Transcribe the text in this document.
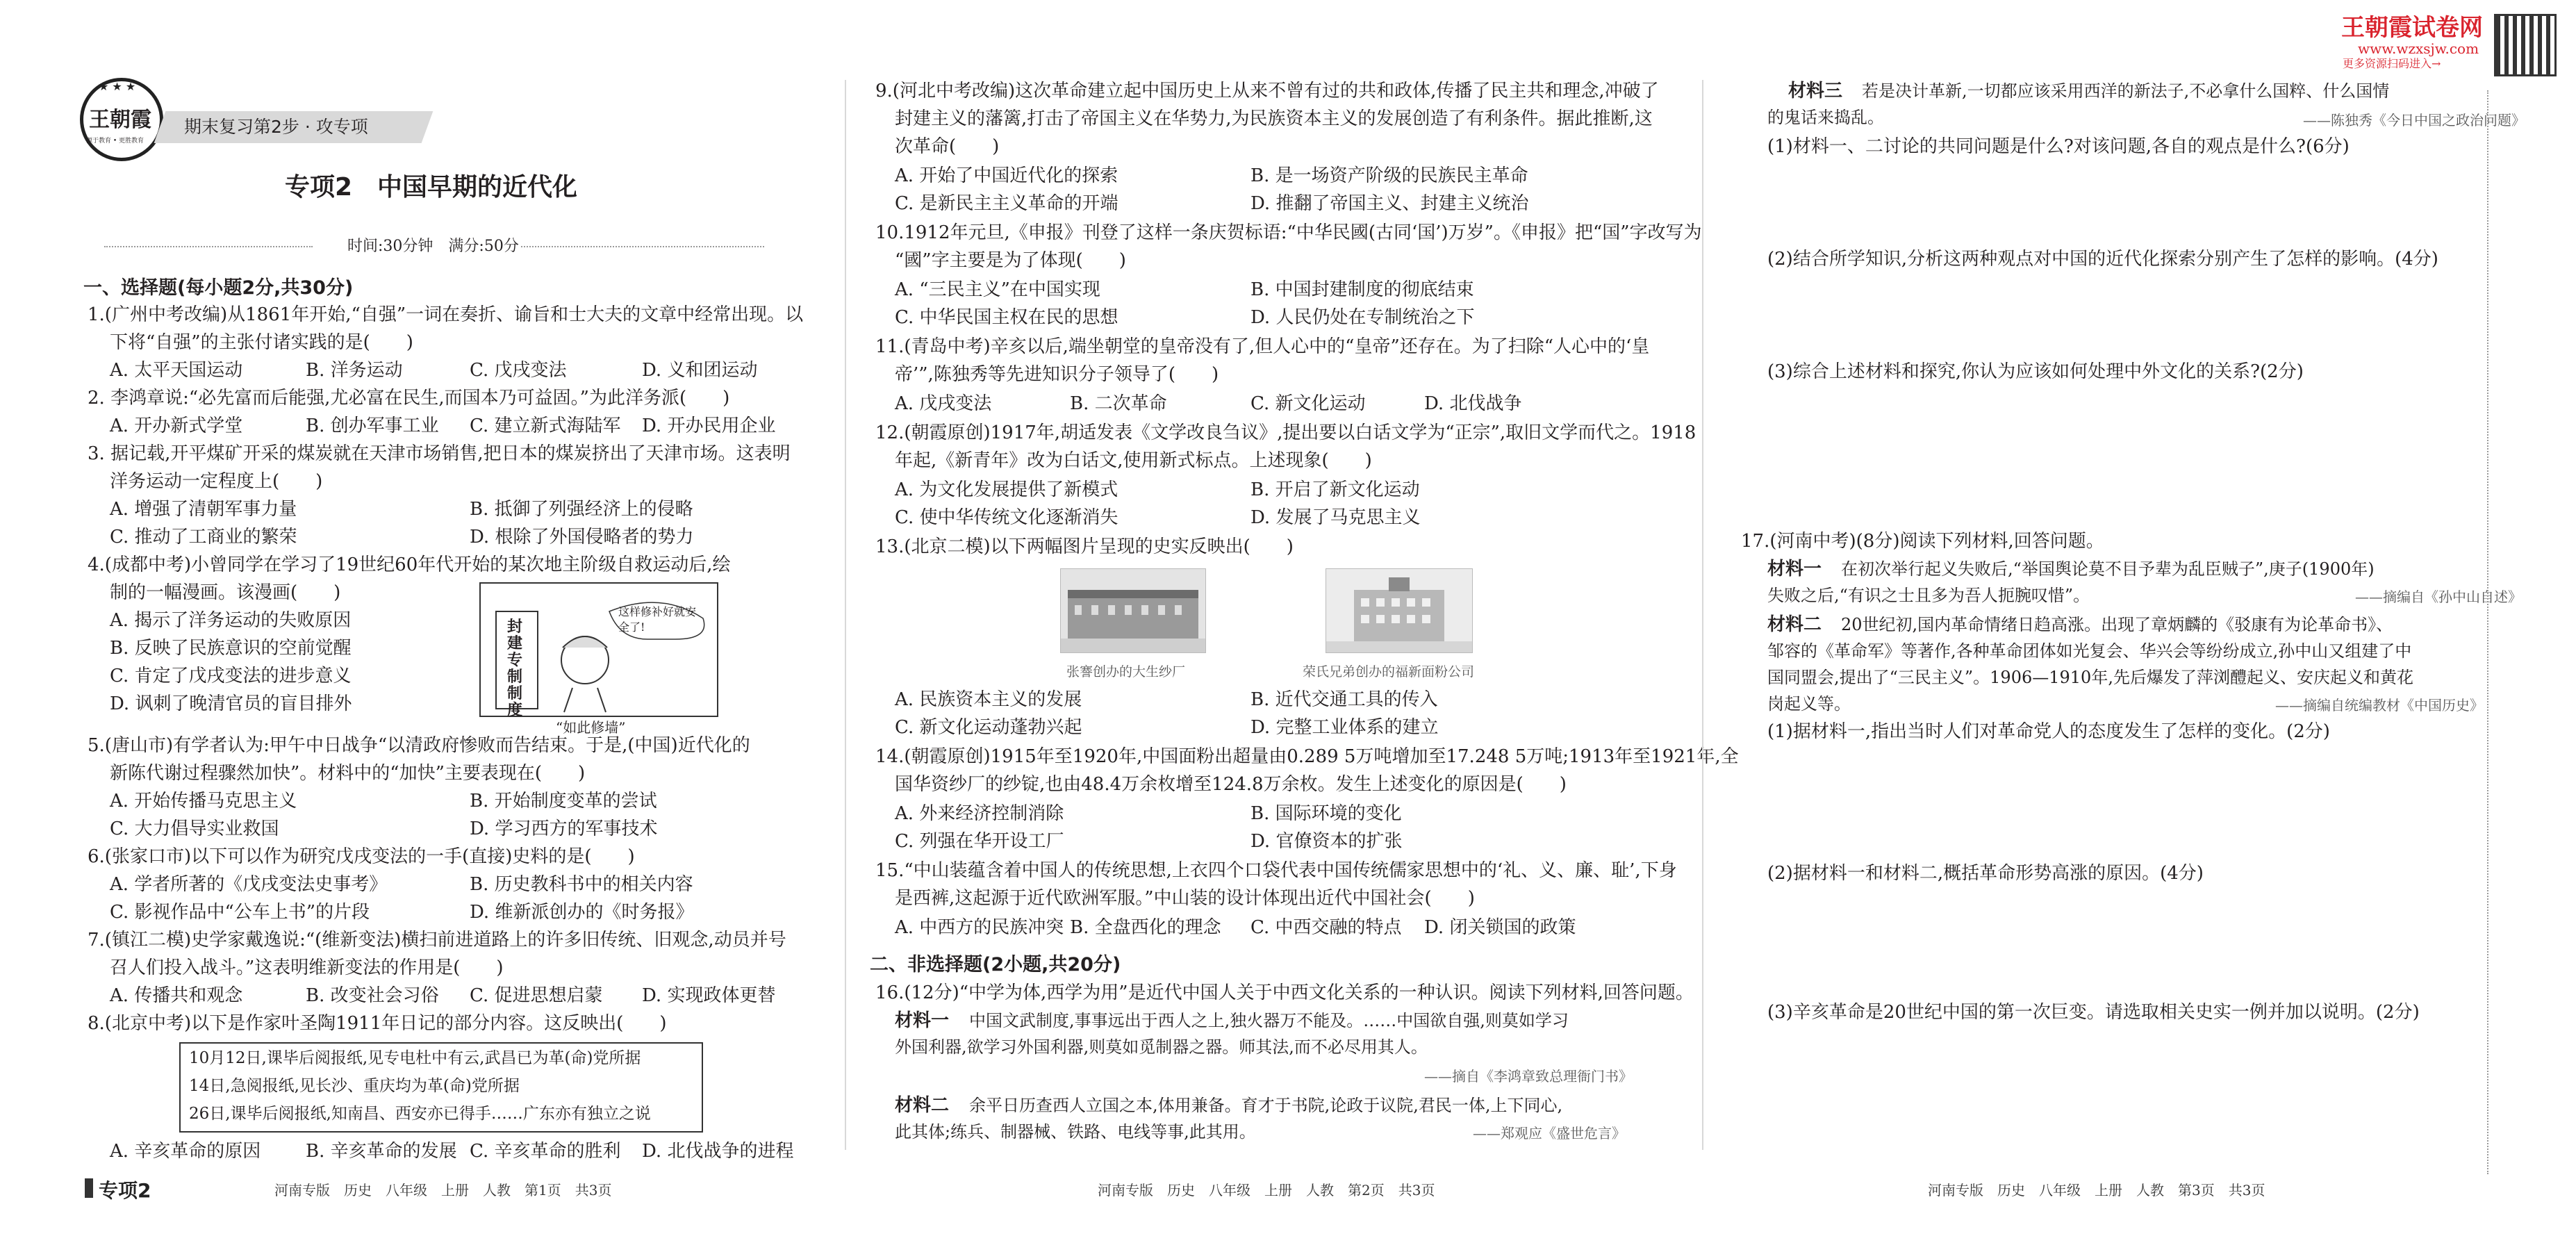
★ ★ ★
王朝霞
源于教育 • 更胜教育
期末复习第2步 · 攻专项
专项2　中国早期的近代化
时间:30分钟　满分:50分
一、选择题(每小题2分,共30分)
1.(广州中考改编)从1861年开始,“自强”一词在奏折、谕旨和士大夫的文章中经常出现。以
下将“自强”的主张付诸实践的是(　　)
A. 太平天国运动	B. 洋务运动	C. 戊戌变法	D. 义和团运动
2. 李鸿章说:“必先富而后能强,尤必富在民生,而国本乃可益固。”为此洋务派(　　)
A. 开办新式学堂	B. 创办军事工业 C. 建立新式海陆军 D. 开办民用企业
3. 据记载,开平煤矿开采的煤炭就在天津市场销售,把日本的煤炭挤出了天津市场。这表明
洋务运动一定程度上(　　)
A. 增强了清朝军事力量	B. 抵御了列强经济上的侵略
C. 推动了工商业的繁荣	D. 根除了外国侵略者的势力
4.(成都中考)小曾同学在学习了19世纪60年代开始的某次地主阶级自救运动后,绘
制的一幅漫画。该漫画(　　)
A. 揭示了洋务运动的失败原因
B. 反映了民族意识的空前觉醒
C. 肯定了戊戌变法的进步意义
D. 讽刺了晚清官员的盲目排外
这样修补好就安全了!
封建专制制度
“如此修墙”
5.(唐山市)有学者认为:甲午中日战争“以清政府惨败而告结束。于是,(中国)近代化的
新陈代谢过程骤然加快”。材料中的“加快”主要表现在(　　)
A. 开始传播马克思主义	B. 开始制度变革的尝试
C. 大力倡导实业救国	D. 学习西方的军事技术
6.(张家口市)以下可以作为研究戊戌变法的一手(直接)史料的是(　　)
A. 学者所著的《戊戌变法史事考》	B. 历史教科书中的相关内容
C. 影视作品中“公车上书”的片段	D. 维新派创办的《时务报》
7.(镇江二模)史学家戴逸说:“(维新变法)横扫前进道路上的许多旧传统、旧观念,动员并号
召人们投入战斗。”这表明维新变法的作用是(　　)
A. 传播共和观念	B. 改变社会习俗 C. 促进思想启蒙 D. 实现政体更替
8.(北京中考)以下是作家叶圣陶1911年日记的部分内容。这反映出(　　)
10月12日,课毕后阅报纸,见专电杜中有云,武昌已为革(命)党所据
14日,急阅报纸,见长沙、重庆均为革(命)党所据
26日,课毕后阅报纸,知南昌、西安亦已得手……广东亦有独立之说
A. 辛亥革命的原因 B. 辛亥革命的发展 C. 辛亥革命的胜利 D. 北伐战争的进程
专项2	河南专版　历史　八年级　上册　人教　第1页　共3页
9.(河北中考改编)这次革命建立起中国历史上从来不曾有过的共和政体,传播了民主共和理念,冲破了
封建主义的藩篱,打击了帝国主义在华势力,为民族资本主义的发展创造了有利条件。据此推断,这
次革命(　　)
A. 开始了中国近代化的探索	B. 是一场资产阶级的民族民主革命
C. 是新民主主义革命的开端	D. 推翻了帝国主义、封建主义统治
10.1912年元旦,《申报》刊登了这样一条庆贺标语:“中华民國(古同‘国’)万岁”。《申报》把“国”字改写为
“國”字主要是为了体现(　　)
A. “三民主义”在中国实现	B. 中国封建制度的彻底结束
C. 中华民国主权在民的思想	D. 人民仍处在专制统治之下
11.(青岛中考)辛亥以后,端坐朝堂的皇帝没有了,但人心中的“皇帝”还存在。为了扫除“人心中的‘皇
帝’”,陈独秀等先进知识分子领导了(　　)
A. 戊戌变法	B. 二次革命	C. 新文化运动	D. 北伐战争
12.(朝霞原创)1917年,胡适发表《文学改良刍议》,提出要以白话文学为“正宗”,取旧文学而代之。1918
年起,《新青年》改为白话文,使用新式标点。上述现象(　　)
A. 为文化发展提供了新模式	B. 开启了新文化运动
C. 使中华传统文化逐渐消失	D. 发展了马克思主义
13.(北京二模)以下两幅图片呈现的史实反映出(　　)
张謇创办的大生纱厂	荣氏兄弟创办的福新面粉公司
A. 民族资本主义的发展	B. 近代交通工具的传入
C. 新文化运动蓬勃兴起	D. 完整工业体系的建立
14.(朝霞原创)1915年至1920年,中国面粉出超量由0.289 5万吨增加至17.248 5万吨;1913年至1921年,全
国华资纱厂的纱锭,也由48.4万余枚增至124.8万余枚。发生上述变化的原因是(　　)
A. 外来经济控制消除	B. 国际环境的变化
C. 列强在华开设工厂	D. 官僚资本的扩张
15.“中山装蕴含着中国人的传统思想,上衣四个口袋代表中国传统儒家思想中的‘礼、义、廉、耻’,下身
是西裤,这起源于近代欧洲军服。”中山装的设计体现出近代中国社会(　　)
A. 中西方的民族冲突 B. 全盘西化的理念 C. 中西交融的特点 D. 闭关锁国的政策
二、非选择题(2小题,共20分)
16.(12分)“中学为体,西学为用”是近代中国人关于中西文化关系的一种认识。阅读下列材料,回答问题。
材料一 中国文武制度,事事远出于西人之上,独火器万不能及。……中国欲自强,则莫如学习
外国利器,欲学习外国利器,则莫如觅制器之器。师其法,而不必尽用其人。
——摘自《李鸿章致总理衙门书》
材料二 余平日历查西人立国之本,体用兼备。育才于书院,论政于议院,君民一体,上下同心,
此其体;练兵、制器械、铁路、电线等事,此其用。	——郑观应《盛世危言》
河南专版　历史　八年级　上册　人教　第2页　共3页
王朝霞试卷网
www.wzxsjw.com
更多资源扫码进入→
材料三 若是决计革新,一切都应该采用西洋的新法子,不必拿什么国粹、什么国情
的鬼话来捣乱。	——陈独秀《今日中国之政治问题》
(1)材料一、二讨论的共同问题是什么?对该问题,各自的观点是什么?(6分)
(2)结合所学知识,分析这两种观点对中国的近代化探索分别产生了怎样的影响。(4分)
(3)综合上述材料和探究,你认为应该如何处理中外文化的关系?(2分)
17.(河南中考)(8分)阅读下列材料,回答问题。
材料一 在初次举行起义失败后,“举国舆论莫不目予辈为乱臣贼子”,庚子(1900年)
失败之后,“有识之士且多为吾人扼腕叹惜”。	——摘编自《孙中山自述》
材料二 20世纪初,国内革命情绪日趋高涨。出现了章炳麟的《驳康有为论革命书》、
邹容的《革命军》等著作,各种革命团体如光复会、华兴会等纷纷成立,孙中山又组建了中
国同盟会,提出了“三民主义”。1906—1910年,先后爆发了萍浏醴起义、安庆起义和黄花
岗起义等。	——摘编自统编教材《中国历史》
(1)据材料一,指出当时人们对革命党人的态度发生了怎样的变化。(2分)
(2)据材料一和材料二,概括革命形势高涨的原因。(4分)
(3)辛亥革命是20世纪中国的第一次巨变。请选取相关史实一例并加以说明。(2分)
河南专版　历史　八年级　上册　人教　第3页　共3页
